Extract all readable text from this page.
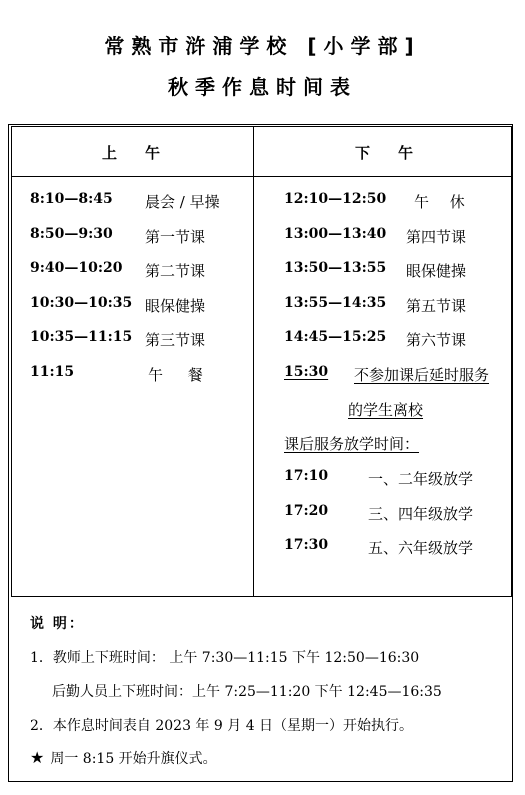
常熟市浒浦学校 [小学部]
秋季作息时间表
上午	下午
8:10—8:45 晨会 / 早操
8:50—9:30 第一节课
9:40—10:20 第二节课
10:30—10:35 眼保健操
10:35—11:15 第三节课
11:15	午 餐
12:10—12:50 午 休
13:00—13:40 第四节课
13:50—13:55 眼保健操
13:55—14:35 第五节课
14:45—15:25 第六节课
15:30 不参加课后延时服务
的学生离校
课后服务放学时间：
17:10	一、二年级放学
17:20	三、四年级放学
17:30	五、六年级放学
说 明：
1．教师上下班时间： 上午 7:30—11:15 下午 12:50—16:30
后勤人员上下班时间：上午 7:25—11:20 下午 12:45—16:35
2．本作息时间表自 2023 年 9 月 4 日（星期一）开始执行。
★ 周一 8:15 开始升旗仪式。
